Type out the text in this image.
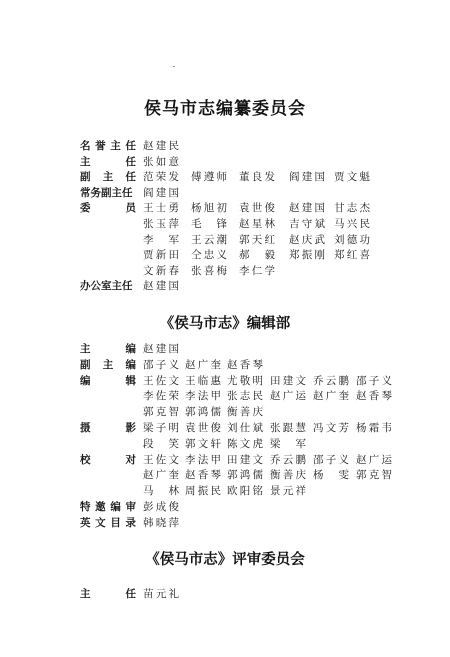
侯马市志编纂委员会
名誉主任 赵建民
主任 张如意
副主任 范荣发 傅遵师 董良发 阎建国 贾文魁
常务副主任	阎建国
委员 王士勇 杨旭初 袁世俊 赵建国 甘志杰
张玉萍 毛锋 赵星林 吉守斌 马兴民
李军 王云潮 郭天红 赵庆武 刘德功
贾新田 仝忠义 郝毅 郑振刚 郑红喜
文新春 张喜梅 李仁学
办公室主任	赵建国
《侯马市志》编辑部
主编 赵建国
副主编 邵子义 赵广奎 赵香琴
编辑 王佐文 王临惠 尤敬明 田建文 乔云鹏 邵子义
李佐荣 李法甲 张志民 赵广运 赵广奎 赵香琴
郭克智 郭鸿儒 衡善庆
摄影 梁子明 袁世俊 刘仕斌 张跟慧 冯文芳 杨霜韦
段笑 郭文轩 陈文虎 梁军
校对 王佐文 李法甲 田建文 乔云鹏 邵子义 赵广运
赵广奎 赵香琴 郭鸿儒 衡善庆 杨雯 郭克智
马林 周振民 欧阳铭 景元祥
特邀编审 彭成俊
英文目录 韩晓萍
《侯马市志》评审委员会
主任 苗元礼
